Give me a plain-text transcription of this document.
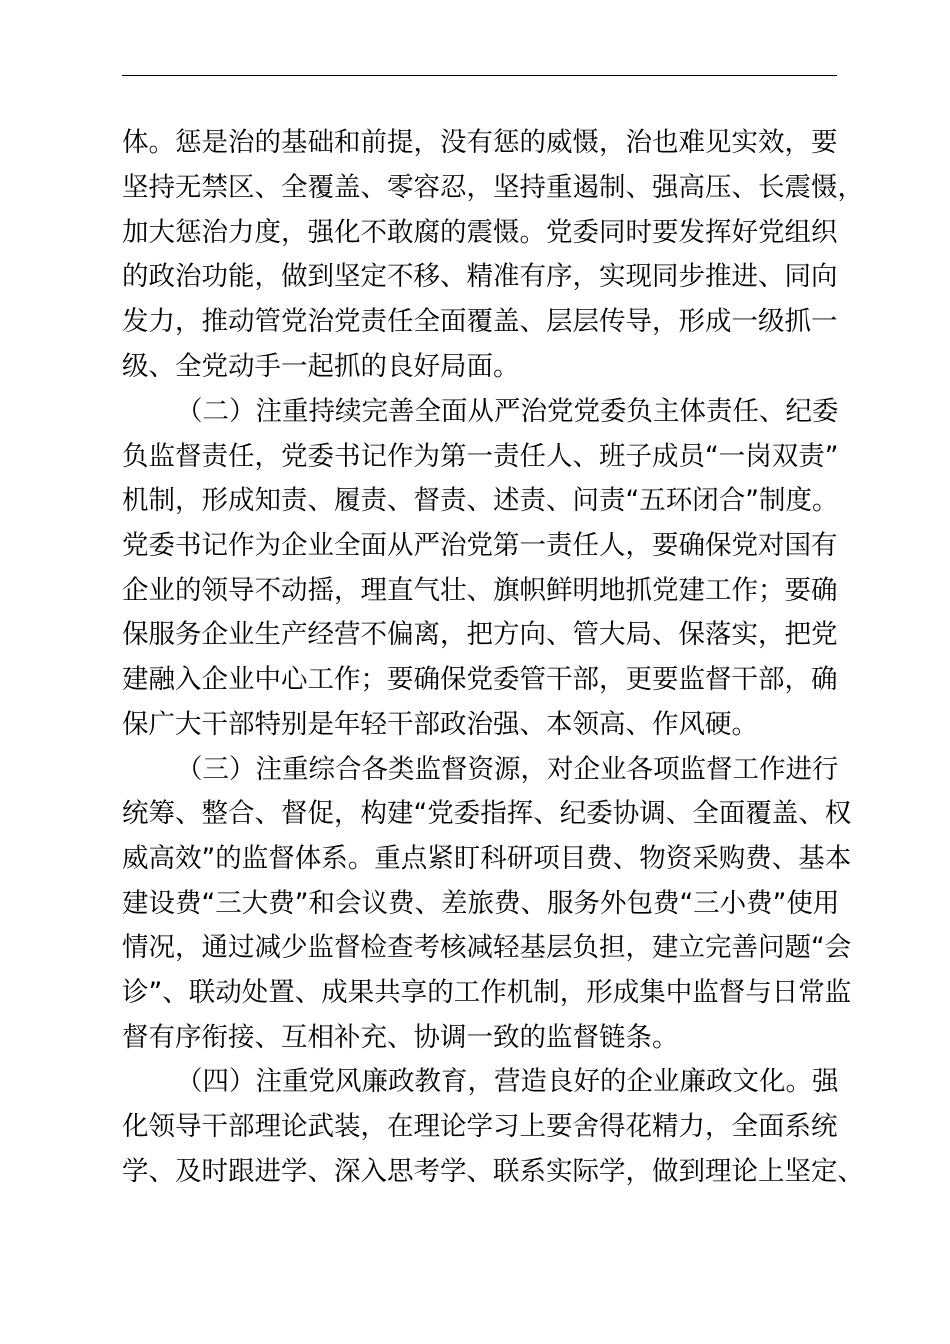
体。惩是治的基础和前提，没有惩的威慑，治也难见实效，要
坚持无禁区、全覆盖、零容忍，坚持重遏制、强高压、长震慑，
加大惩治力度，强化不敢腐的震慑。党委同时要发挥好党组织
的政治功能，做到坚定不移、精准有序，实现同步推进、同向
发力，推动管党治党责任全面覆盖、层层传导，形成一级抓一
级、全党动手一起抓的良好局面。
（二）注重持续完善全面从严治党党委负主体责任、纪委
负监督责任，党委书记作为第一责任人、班子成员“一岗双责”
机制，形成知责、履责、督责、述责、问责“五环闭合”制度。
党委书记作为企业全面从严治党第一责任人，要确保党对国有
企业的领导不动摇，理直气壮、旗帜鲜明地抓党建工作；要确
保服务企业生产经营不偏离，把方向、管大局、保落实，把党
建融入企业中心工作；要确保党委管干部，更要监督干部，确
保广大干部特别是年轻干部政治强、本领高、作风硬。
（三）注重综合各类监督资源，对企业各项监督工作进行
统筹、整合、督促，构建“党委指挥、纪委协调、全面覆盖、权
威高效”的监督体系。重点紧盯科研项目费、物资采购费、基本
建设费“三大费”和会议费、差旅费、服务外包费“三小费”使用
情况，通过减少监督检查考核减轻基层负担，建立完善问题“会
诊”、联动处置、成果共享的工作机制，形成集中监督与日常监
督有序衔接、互相补充、协调一致的监督链条。
（四）注重党风廉政教育，营造良好的企业廉政文化。强
化领导干部理论武装，在理论学习上要舍得花精力，全面系统
学、及时跟进学、深入思考学、联系实际学，做到理论上坚定、
